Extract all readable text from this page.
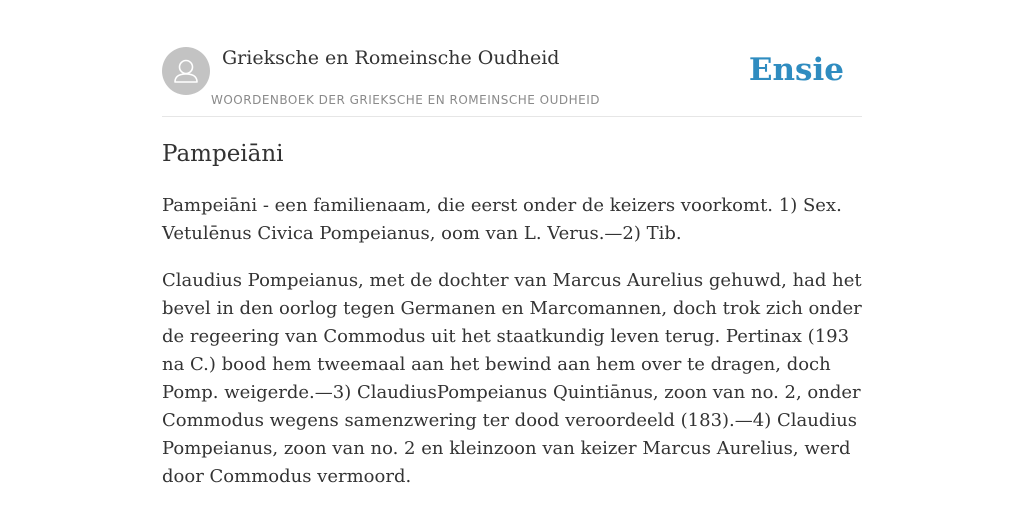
Grieksche en Romeinsche Oudheid
WOORDENBOEK DER GRIEKSCHE EN ROMEINSCHE OUDHEID
Ensie
Pampeiāni

Pampeiāni - een familienaam, die eerst onder de keizers voorkomt. 1) Sex. Vetulēnus Civica Pompeianus, oom van L. Verus.—2) Tib.

Claudius Pompeianus, met de dochter van Marcus Aurelius gehuwd, had het bevel in den oorlog tegen Germanen en Marcomannen, doch trok zich onder de regeering van Commodus uit het staatkundig leven terug. Pertinax (193 na C.) bood hem tweemaal aan het bewind aan hem over te dragen, doch Pomp. weigerde.—3) ClaudiusPompeianus Quintiānus, zoon van no. 2, onder Commodus wegens samenzwering ter dood veroordeeld (183).—4) Claudius Pompeianus, zoon van no. 2 en kleinzoon van keizer Marcus Aurelius, werd door Commodus vermoord.
